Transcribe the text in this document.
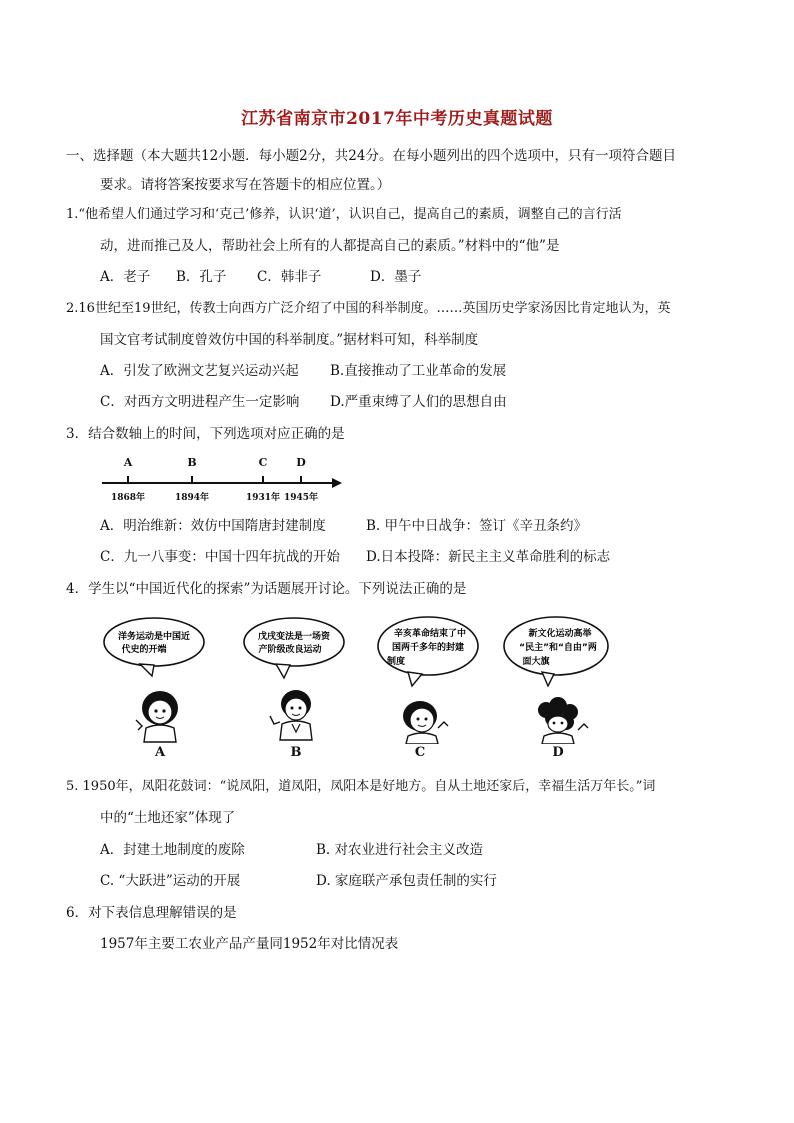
江苏省南京市2017年中考历史真题试题
一、选择题（本大题共12小题．每小题2分，共24分。在每小题列出的四个选项中，只有一项符合题目
要求。请将答案按要求写在答题卡的相应位置。）
1.“他希望人们通过学习和‘克己’修养，认识‘道’，认识自己，提高自己的素质，调整自己的言行活
动，进而推己及人，帮助社会上所有的人都提高自己的素质。”材料中的“他”是
A．老子 B．孔子 C．韩非子	D．墨子
2.16世纪至19世纪，传教士向西方广泛介绍了中国的科举制度。……英国历史学家汤因比肯定地认为，英
国文官考试制度曾效仿中国的科举制度。”据材料可知，科举制度
A．引发了欧洲文艺复兴运动兴起 B.直接推动了工业革命的发展
C．对西方文明进程产生一定影响 D.严重束缚了人们的思想自由
3．结合数轴上的时间，下列选项对应正确的是
A	B	C	D
1868年	1894年	1931年 1945年
A．明治维新：效仿中国隋唐封建制度	B. 甲午中日战争：签订《辛丑条约》
C．九一八事变：中国十四年抗战的开始 D.日本投降：新民主主义革命胜利的标志
4．学生以“中国近代化的探索”为话题展开讨论。下列说法正确的是
洋务运动是中国近
代史的开端
A
戊戌变法是一场资
产阶级改良运动
B
辛亥革命结束了中
国两千多年的封建
制度
C
新文化运动高举
“民主”和“自由”两
面大旗
D
5. 1950年，凤阳花鼓词：“说凤阳，道凤阳，凤阳本是好地方。自从土地还家后，幸福生活万年长。”词
中的“土地还家”体现了
A．封建土地制度的废除	B. 对农业进行社会主义改造
C. “大跃进”运动的开展	D. 家庭联产承包责任制的实行
6．对下表信息理解错误的是
1957年主要工农业产品产量同1952年对比情况表
